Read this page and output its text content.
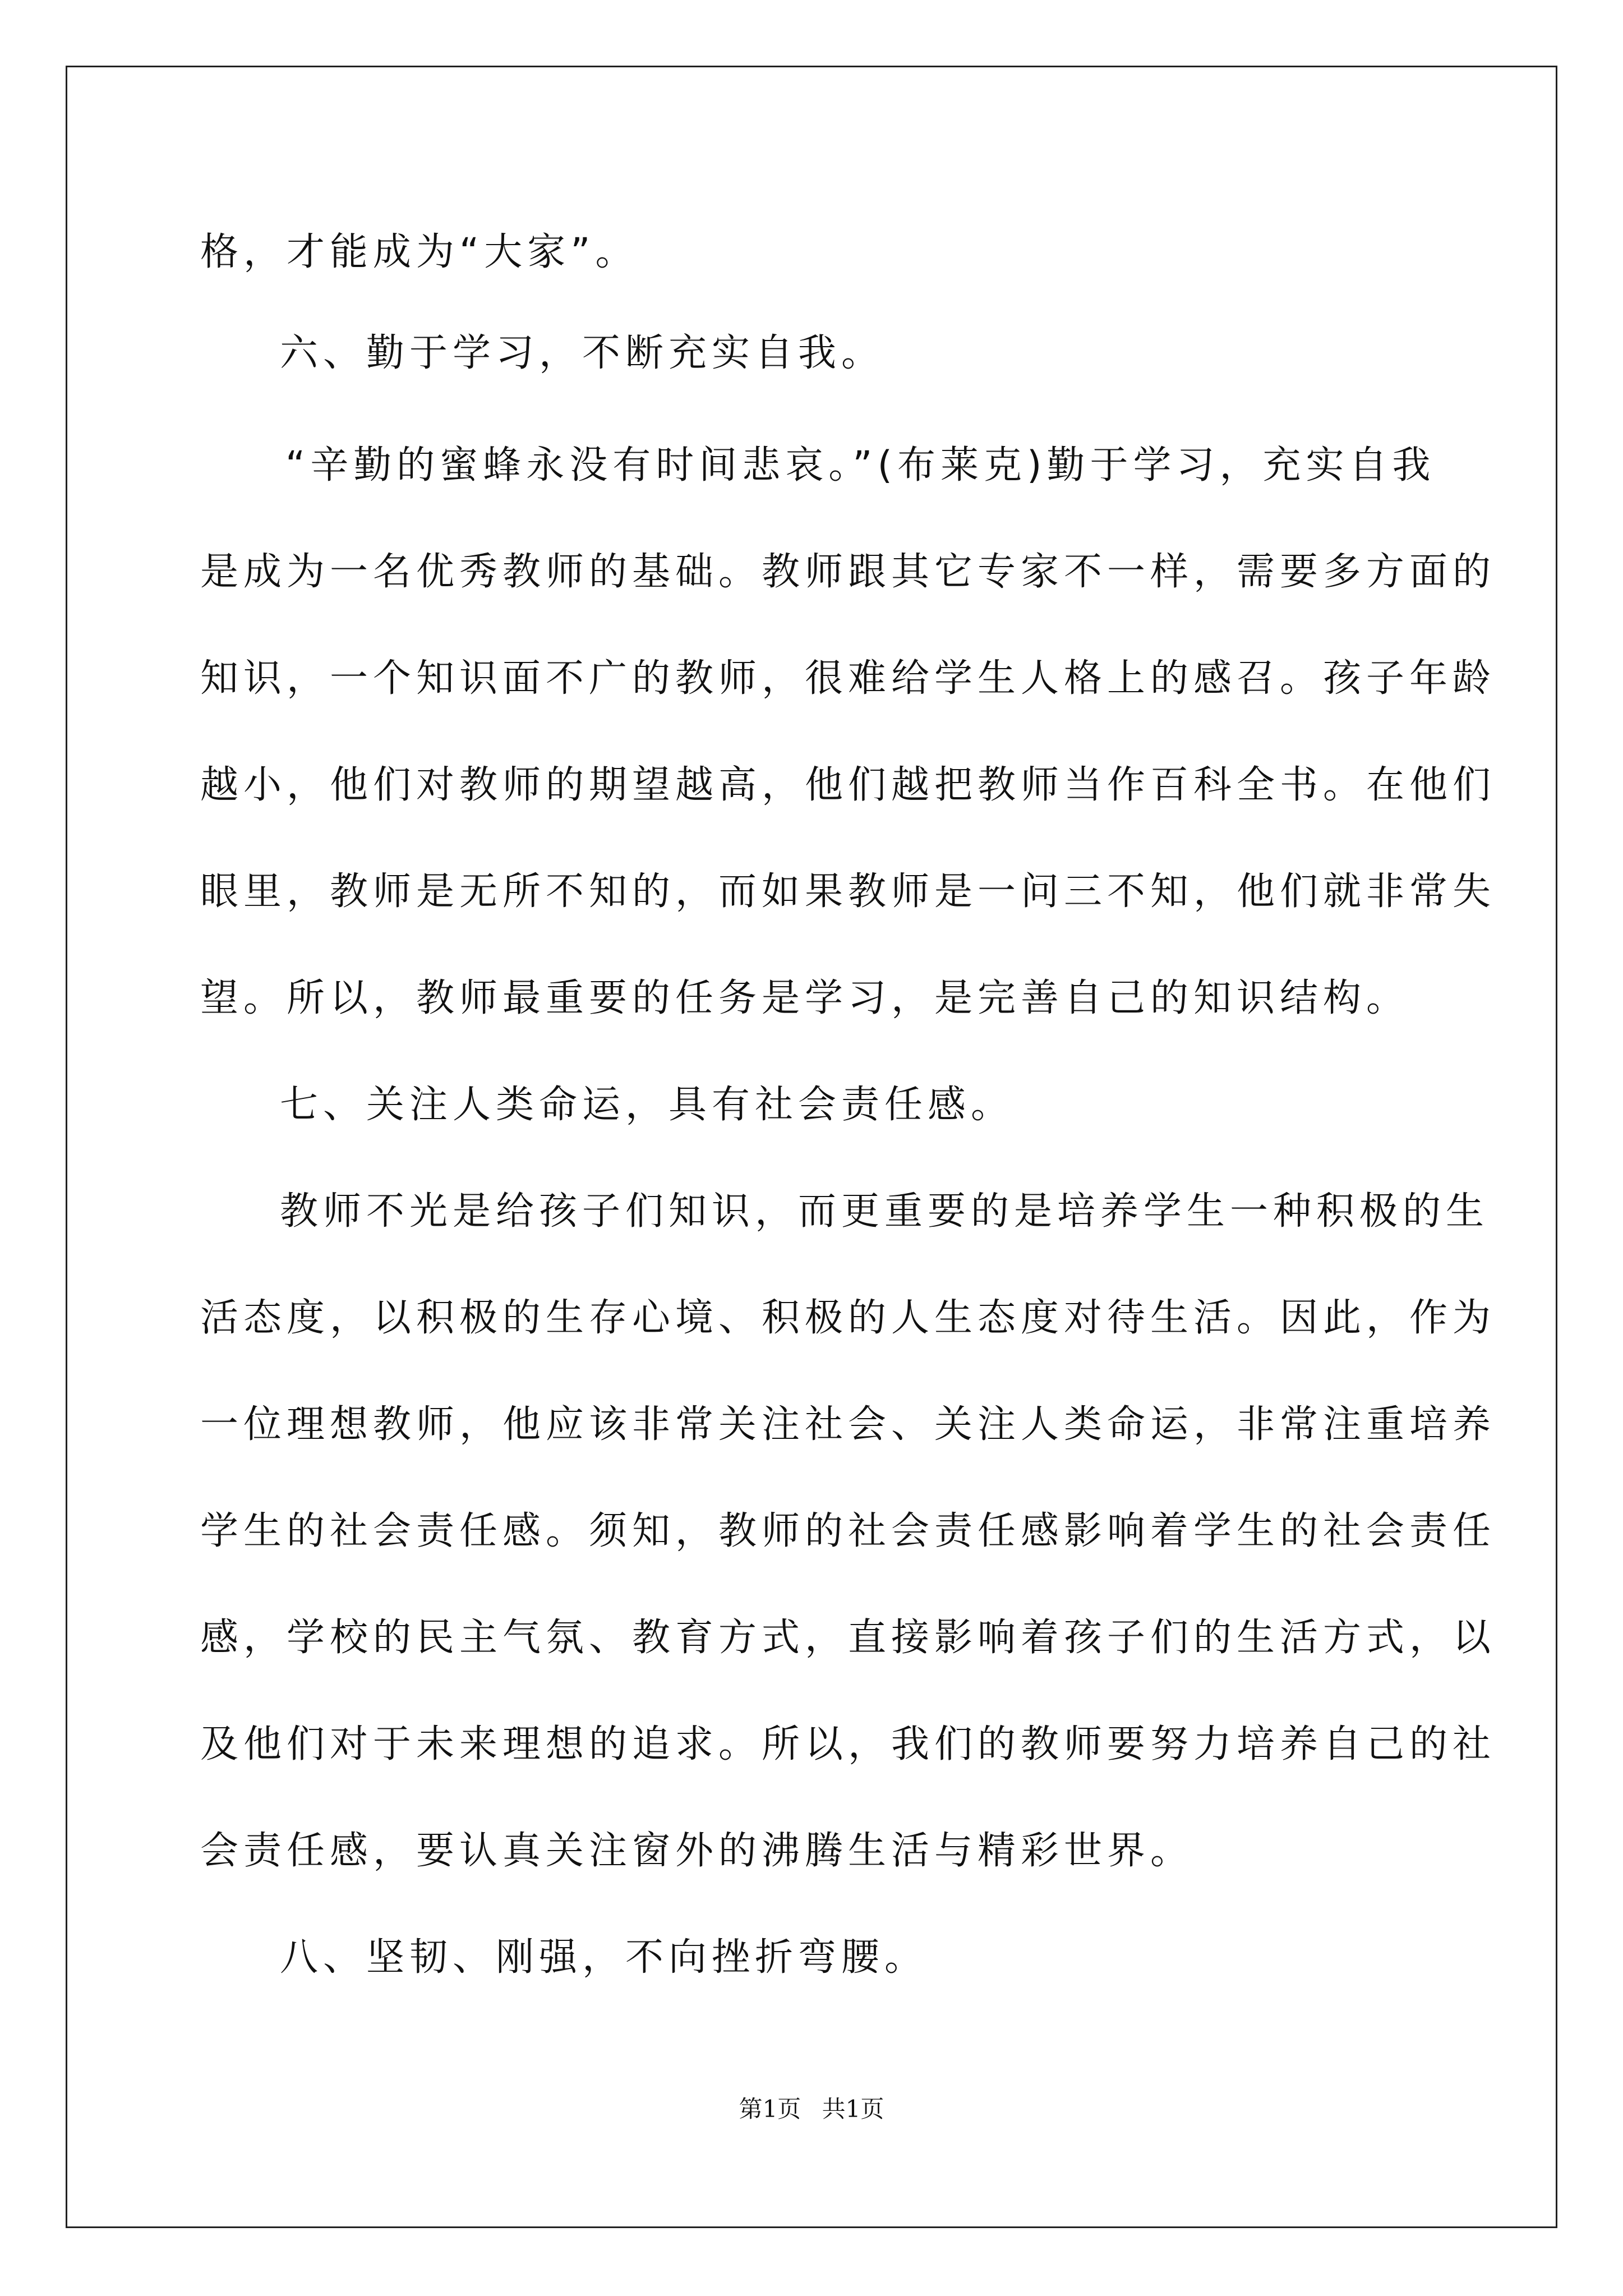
格，才能成为“大家”。
六、勤于学习，不断充实自我。
“辛勤的蜜蜂永没有时间悲哀。”(布莱克)勤于学习，充实自我
是成为一名优秀教师的基础。教师跟其它专家不一样，需要多方面的
知识，一个知识面不广的教师，很难给学生人格上的感召。孩子年龄
越小，他们对教师的期望越高，他们越把教师当作百科全书。在他们
眼里，教师是无所不知的，而如果教师是一问三不知，他们就非常失
望。所以，教师最重要的任务是学习，是完善自己的知识结构。
七、关注人类命运，具有社会责任感。
教师不光是给孩子们知识，而更重要的是培养学生一种积极的生
活态度，以积极的生存心境、积极的人生态度对待生活。因此，作为
一位理想教师，他应该非常关注社会、关注人类命运，非常注重培养
学生的社会责任感。须知，教师的社会责任感影响着学生的社会责任
感，学校的民主气氛、教育方式，直接影响着孩子们的生活方式，以
及他们对于未来理想的追求。所以，我们的教师要努力培养自己的社
会责任感，要认真关注窗外的沸腾生活与精彩世界。
八、坚韧、刚强，不向挫折弯腰。
第1页 共1页
